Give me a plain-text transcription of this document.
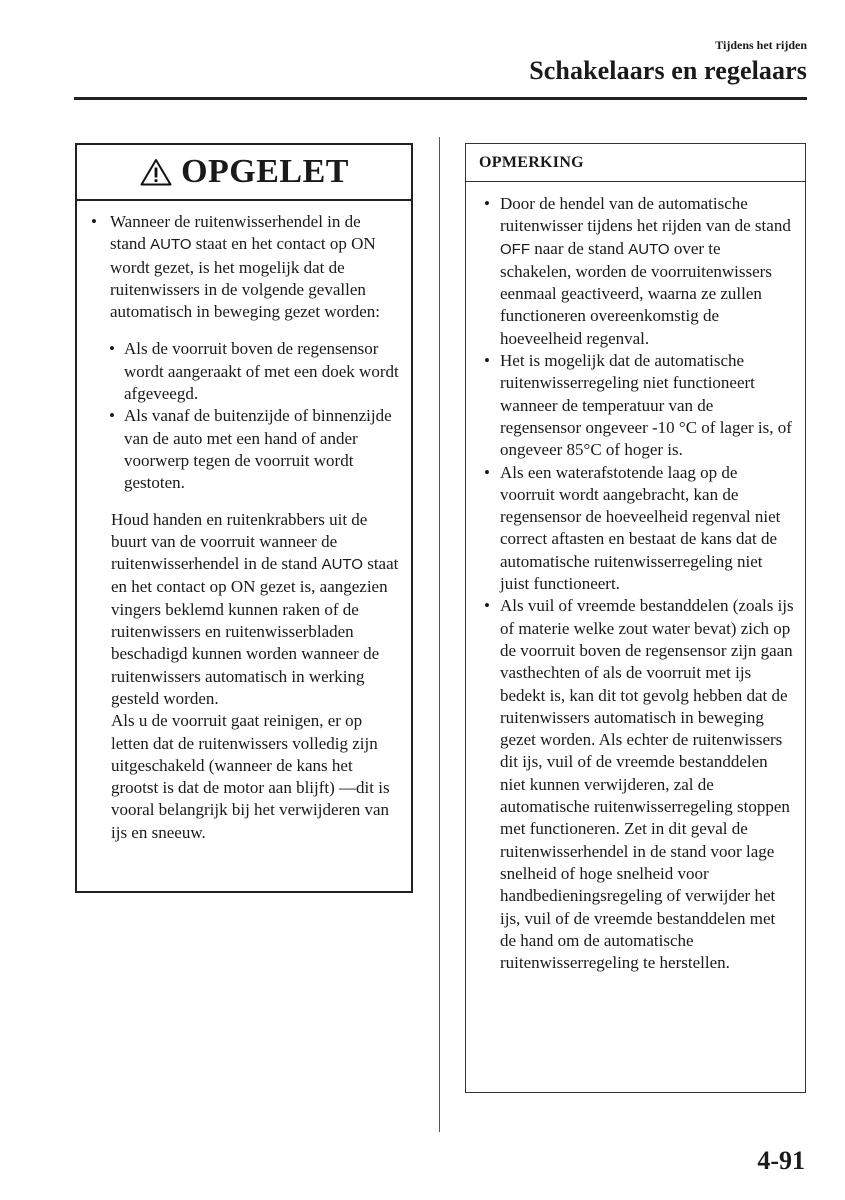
Tijdens het rijden
Schakelaars en regelaars
OPGELET
• Wanneer de ruitenwisserhendel in de stand AUTO staat en het contact op ON wordt gezet, is het mogelijk dat de ruitenwissers in de volgende gevallen automatisch in beweging gezet worden:
• Als de voorruit boven de regensensor wordt aangeraakt of met een doek wordt afgeveegd.
• Als vanaf de buitenzijde of binnenzijde van de auto met een hand of ander voorwerp tegen de voorruit wordt gestoten.

Houd handen en ruitenkrabbers uit de buurt van de voorruit wanneer de ruitenwisserhendel in de stand AUTO staat en het contact op ON gezet is, aangezien vingers beklemd kunnen raken of de ruitenwissers en ruitenwisserbladen beschadigd kunnen worden wanneer de ruitenwissers automatisch in werking gesteld worden.

Als u de voorruit gaat reinigen, er op letten dat de ruitenwissers volledig zijn uitgeschakeld (wanneer de kans het grootst is dat de motor aan blijft) —dit is vooral belangrijk bij het verwijderen van ijs en sneeuw.

OPMERKING
• Door de hendel van de automatische ruitenwisser tijdens het rijden van de stand OFF naar de stand AUTO over te schakelen, worden de voorruitenwissers eenmaal geactiveerd, waarna ze zullen functioneren overeenkomstig de hoeveelheid regenval.
• Het is mogelijk dat de automatische ruitenwisserregeling niet functioneert wanneer de temperatuur van de regensensor ongeveer -10 °C of lager is, of ongeveer 85°C of hoger is.
• Als een waterafstotende laag op de voorruit wordt aangebracht, kan de regensensor de hoeveelheid regenval niet correct aftasten en bestaat de kans dat de automatische ruitenwisserregeling niet juist functioneert.
• Als vuil of vreemde bestanddelen (zoals ijs of materie welke zout water bevat) zich op de voorruit boven de regensensor zijn gaan vasthechten of als de voorruit met ijs bedekt is, kan dit tot gevolg hebben dat de ruitenwissers automatisch in beweging gezet worden. Als echter de ruitenwissers dit ijs, vuil of de vreemde bestanddelen niet kunnen verwijderen, zal de automatische ruitenwisserregeling stoppen met functioneren. Zet in dit geval de ruitenwisserhendel in de stand voor lage snelheid of hoge snelheid voor handbedieningsregeling of verwijder het ijs, vuil of de vreemde bestanddelen met de hand om de automatische ruitenwisserregeling te herstellen.
4-91
